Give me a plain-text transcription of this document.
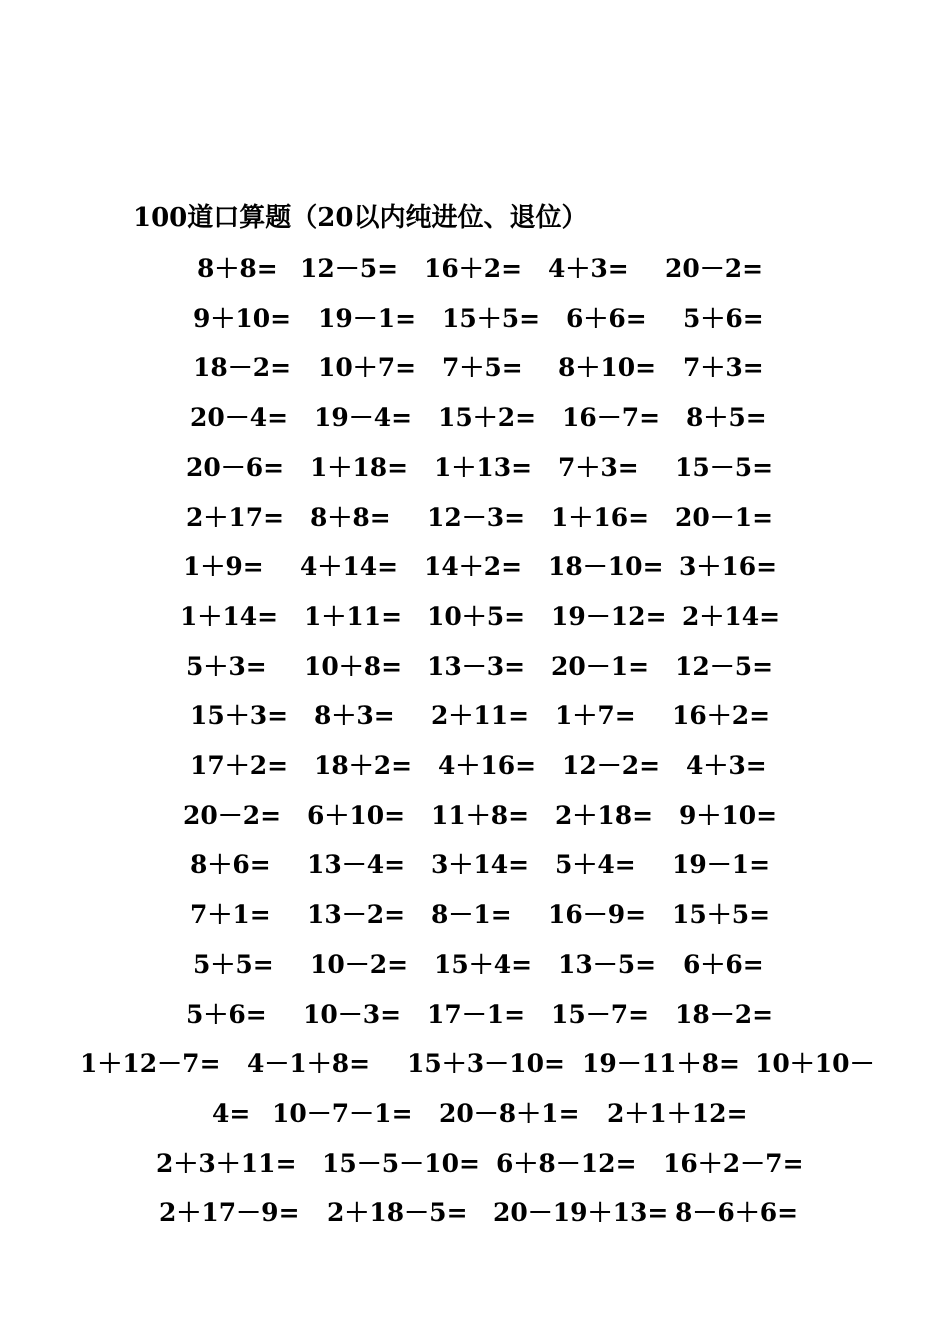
100道口算题（20以内纯进位、退位）
8＋8= 12－5= 16＋2= 4＋3= 20－2=
9＋10= 19－1= 15＋5= 6＋6= 5＋6=
18－2= 10＋7= 7＋5= 8＋10= 7＋3=
20－4= 19－4= 15＋2= 16－7= 8＋5=
20－6= 1＋18= 1＋13= 7＋3= 15－5=
2＋17= 8＋8= 12－3= 1＋16= 20－1=
1＋9= 4＋14= 14＋2= 18－10= 3＋16=
1＋14= 1＋11= 10＋5= 19－12= 2＋14=
5＋3= 10＋8= 13－3= 20－1= 12－5=
15＋3= 8＋3= 2＋11= 1＋7= 16＋2=
17＋2= 18＋2= 4＋16= 12－2= 4＋3=
20－2= 6＋10= 11＋8= 2＋18= 9＋10=
8＋6= 13－4= 3＋14= 5＋4= 19－1=
7＋1= 13－2= 8－1= 16－9= 15＋5=
5＋5= 10－2= 15＋4= 13－5= 6＋6=
5＋6= 10－3= 17－1= 15－7= 18－2=
1＋12－7= 4－1＋8= 15＋3－10= 19－11＋8= 10＋10－
4= 10－7－1= 20－8＋1= 2＋1＋12=
2＋3＋11= 15－5－10= 6＋8－12= 16＋2－7=
2＋17－9= 2＋18－5= 20－19＋13= 8－6＋6=
